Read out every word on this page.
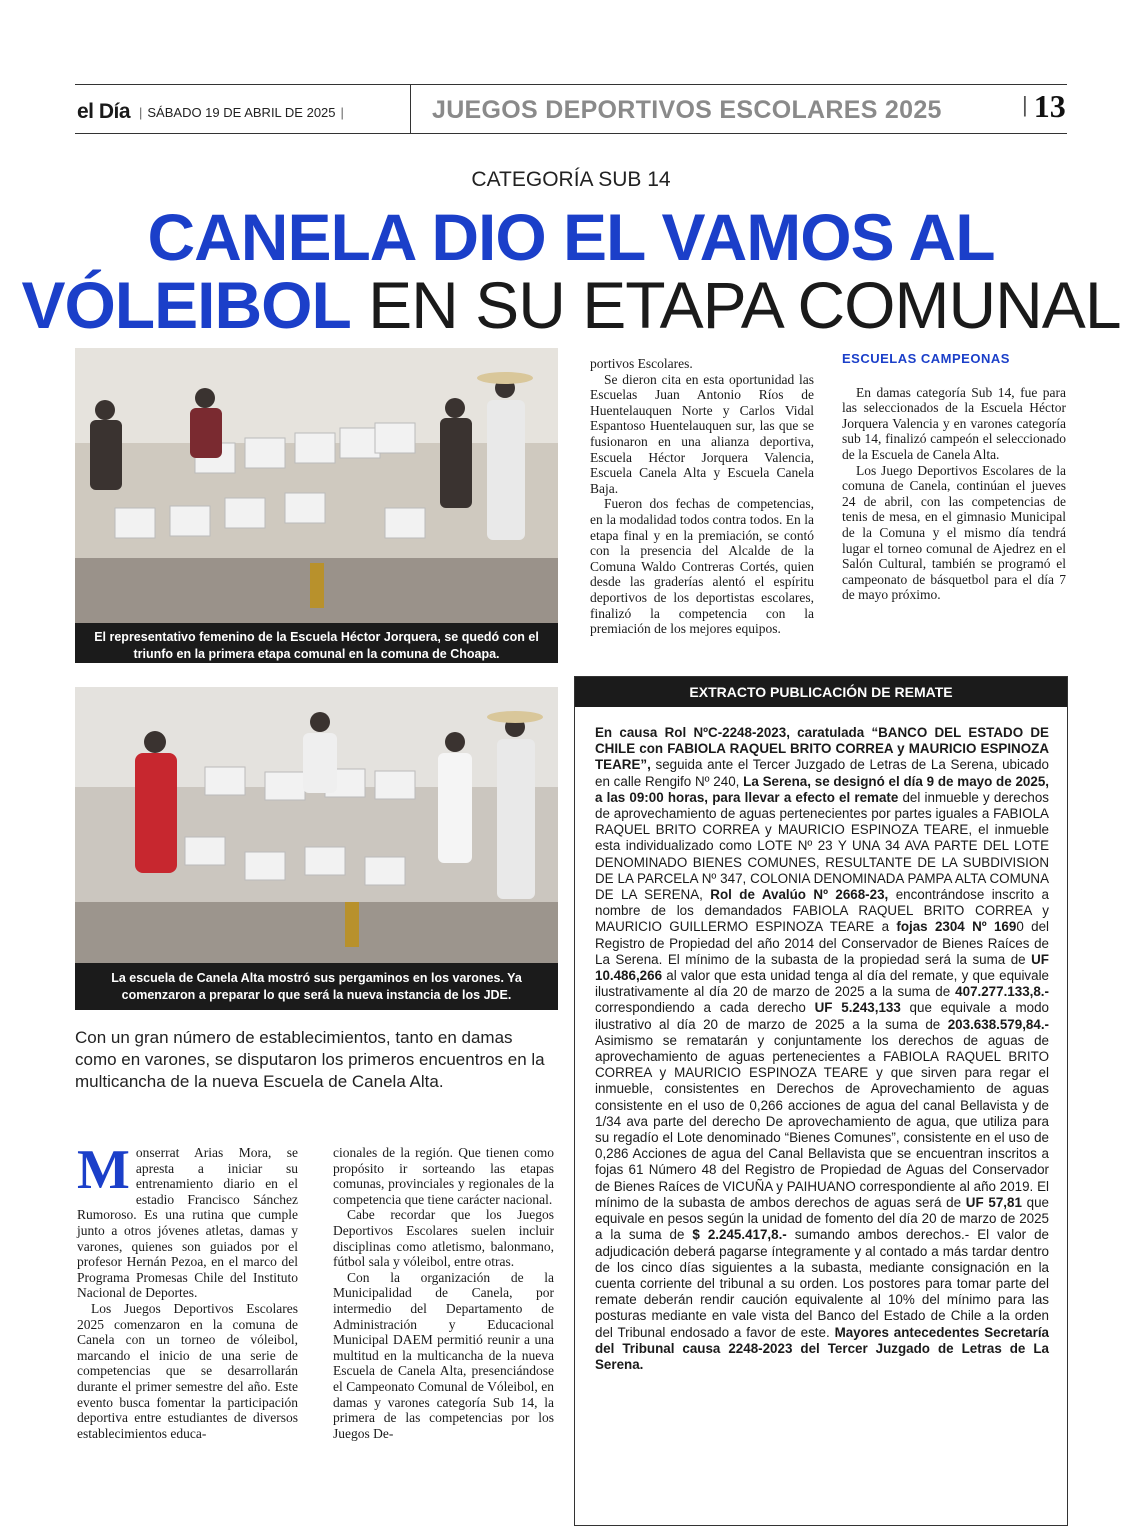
el Día | SÁBADO 19 DE ABRIL DE 2025 |	JUEGOS DEPORTIVOS ESCOLARES 2025	| 13
CATEGORÍA SUB 14
CANELA DIO EL VAMOS AL
VÓLEIBOL EN SU ETAPA COMUNAL
El representativo femenino de la Escuela Héctor Jorquera, se quedó con el triunfo en la primera etapa comunal en la comuna de Choapa.
La escuela de Canela Alta mostró sus pergaminos en los varones. Ya comenzaron a preparar lo que será la nueva instancia de los JDE.
Con un gran número de establecimientos, tanto en damas como en varones, se disputaron los primeros encuentros en la multicancha de la nueva Escuela de Canela Alta.

portivos Escolares.

Se dieron cita en esta oportunidad las Escuelas Juan Antonio Ríos de Huentelauquen Norte y Carlos Vidal Espantoso Huentelauquen sur, las que se fusionaron en una alianza deportiva, Escuela Héctor Jorquera Valencia, Escuela Canela Alta y Escuela Canela Baja.

Fueron dos fechas de competencias, en la modalidad todos contra todos. En la etapa final y en la premiación, se contó con la presencia del Alcalde de la Comuna Waldo Contreras Cortés, quien desde las graderías alentó el espíritu deportivos de los deportistas escolares, finalizó la competencia con la premiación de los mejores equipos.

ESCUELAS CAMPEONAS

En damas categoría Sub 14, fue para las seleccionados de la Escuela Héctor Jorquera Valencia y en varones categoría sub 14, finalizó campeón el seleccionado de la Escuela de Canela Alta.

Los Juego Deportivos Escolares de la comuna de Canela, continúan el jueves 24 de abril, con las competencias de tenis de mesa, en el gimnasio Municipal de la Comuna y el mismo día tendrá lugar el torneo comunal de Ajedrez en el Salón Cultural, también se programó el campeonato de básquetbol para el día 7 de mayo próximo.

Monserrat Arias Mora, se apresta a iniciar su entrenamiento diario en el estadio Francisco Sánchez Rumoroso. Es una rutina que cumple junto a otros jóvenes atletas, damas y varones, quienes son guiados por el profesor Hernán Pezoa, en el marco del Programa Promesas Chile del Instituto Nacional de Deportes.

Los Juegos Deportivos Escolares 2025 comenzaron en la comuna de Canela con un torneo de vóleibol, marcando el inicio de una serie de competencias que se desarrollarán durante el primer semestre del año. Este evento busca fomentar la participación deportiva entre estudiantes de diversos establecimientos educa-

cionales de la región. Que tienen como propósito ir sorteando las etapas comunas, provinciales y regionales de la competencia que tiene carácter nacional.

Cabe recordar que los Juegos Deportivos Escolares suelen incluir disciplinas como atletismo, balonmano, fútbol sala y vóleibol, entre otras.

Con la organización de la Municipalidad de Canela, por intermedio del Departamento de Administración y Educacional Municipal DAEM permitió reunir a una multitud en la multicancha de la nueva Escuela de Canela Alta, presenciándose el Campeonato Comunal de Vóleibol, en damas y varones categoría Sub 14, la primera de las competencias por los Juegos De-

EXTRACTO PUBLICACIÓN DE REMATE
En causa Rol NºC-2248-2023, caratulada “BANCO DEL ESTADO DE CHILE con FABIOLA RAQUEL BRITO CORREA y MAURICIO ESPINOZA TEARE”, seguida ante el Tercer Juzgado de Letras de La Serena, ubicado en calle Rengifo Nº 240, La Serena, se designó el día 9 de mayo de 2025, a las 09:00 horas, para llevar a efecto el remate del inmueble y derechos de aprovechamiento de aguas pertenecientes por partes iguales a FABIOLA RAQUEL BRITO CORREA y MAURICIO ESPINOZA TEARE, el inmueble esta individualizado como LOTE Nº 23 Y UNA 34 AVA PARTE DEL LOTE DENOMINADO BIENES COMUNES, RESULTANTE DE LA SUBDIVISION DE LA PARCELA Nº 347, COLONIA DENOMINADA PAMPA ALTA COMUNA DE LA SERENA, Rol de Avalúo Nº 2668-23, encontrándose inscrito a nombre de los demandados FABIOLA RAQUEL BRITO CORREA y MAURICIO GUILLERMO ESPINOZA TEARE a fojas 2304 Nº 1690 del Registro de Propiedad del año 2014 del Conservador de Bienes Raíces de La Serena. El mínimo de la subasta de la propiedad será la suma de UF 10.486,266 al valor que esta unidad tenga al día del remate, y que equivale ilustrativamente al día 20 de marzo de 2025 a la suma de 407.277.133,8.- correspondiendo a cada derecho UF 5.243,133 que equivale a modo ilustrativo al día 20 de marzo de 2025 a la suma de 203.638.579,84.- Asimismo se rematarán y conjuntamente los derechos de aguas de aprovechamiento de aguas pertenecientes a FABIOLA RAQUEL BRITO CORREA y MAURICIO ESPINOZA TEARE y que sirven para regar el inmueble, consistentes en Derechos de Aprovechamiento de aguas consistente en el uso de 0,266 acciones de agua del canal Bellavista y de 1/34 ava parte del derecho De aprovechamiento de agua, que utiliza para su regadío el Lote denominado “Bienes Comunes”, consistente en el uso de 0,286 Acciones de agua del Canal Bellavista que se encuentran inscritos a fojas 61 Número 48 del Registro de Propiedad de Aguas del Conservador de Bienes Raíces de VICUÑA y PAIHUANO correspondiente al año 2019. El mínimo de la subasta de ambos derechos de aguas será de UF 57,81 que equivale en pesos según la unidad de fomento del día 20 de marzo de 2025 a la suma de $ 2.245.417,8.- sumando ambos derechos.- El valor de adjudicación deberá pagarse íntegramente y al contado a más tardar dentro de los cinco días siguientes a la subasta, mediante consignación en la cuenta corriente del tribunal a su orden. Los postores para tomar parte del remate deberán rendir caución equivalente al 10% del mínimo para las posturas mediante en vale vista del Banco del Estado de Chile a la orden del Tribunal endosado a favor de este. Mayores antecedentes Secretaría del Tribunal causa 2248-2023 del Tercer Juzgado de Letras de La Serena.
